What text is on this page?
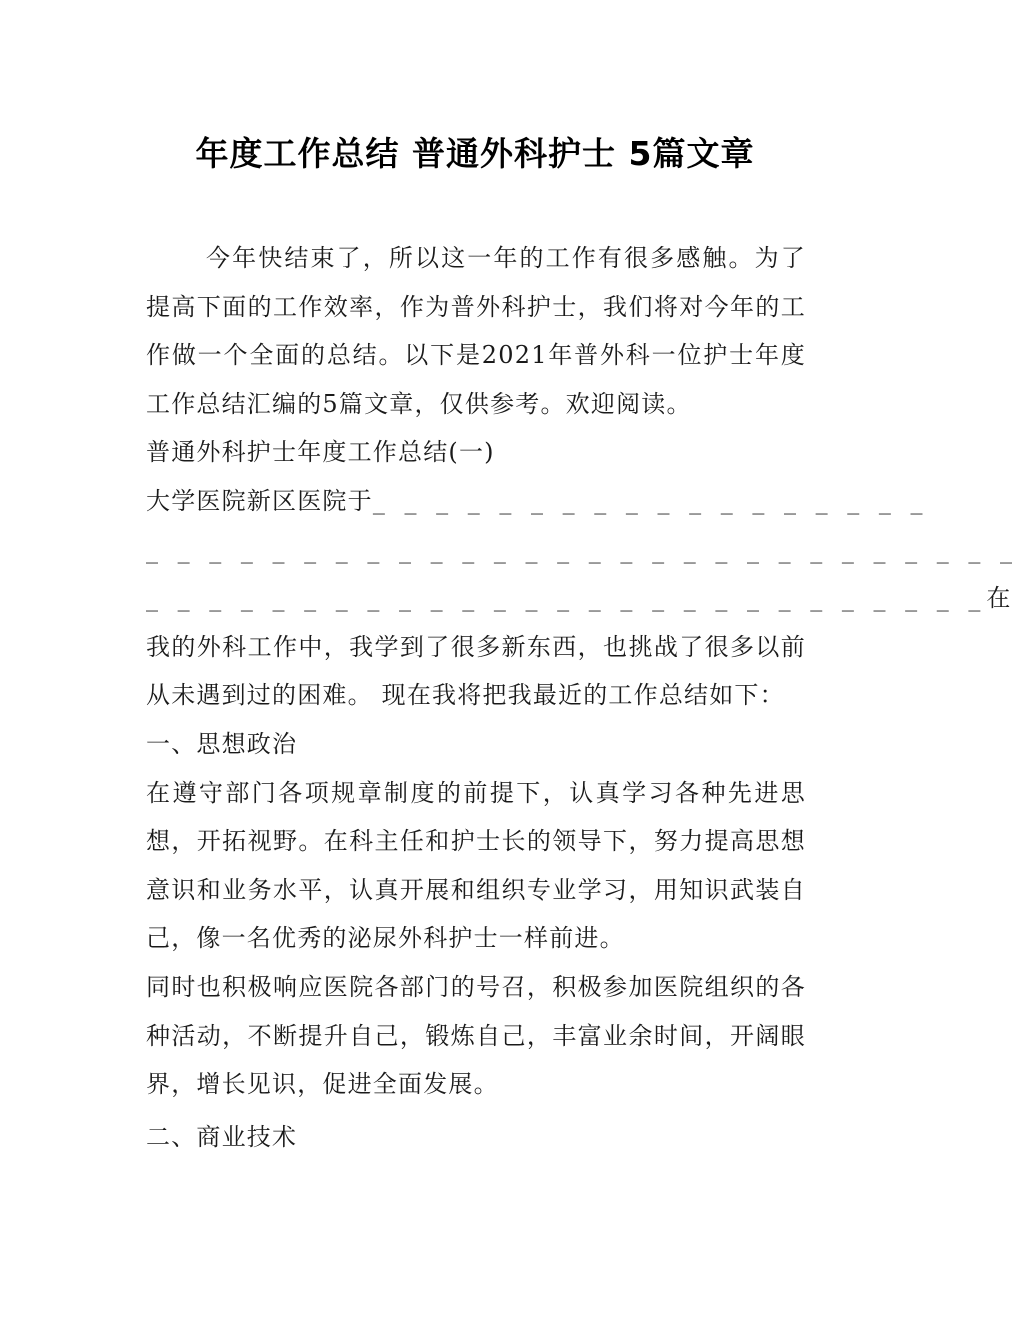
年度工作总结 普通外科护士 5篇文章

今年快结束了，所以这一年的工作有很多感触。为了提高下面的工作效率，作为普外科护士，我们将对今年的工作做一个全面的总结。以下是2021年普外科一位护士年度工作总结汇编的5篇文章，仅供参考。欢迎阅读。

普通外科护士年度工作总结(一)

大学医院新区医院于_ _ _ _ _ _ _ _ _ _ _ _ _ _ _ _ _ _
_ _ _ _ _ _ _ _ _ _ _ _ _ _ _ _ _ _ _ _ _ _ _ _ _ _ _ _
_ _ _ _ _ _ _ _ _ _ _ _ _ _ _ _ _ _ _ _ _ _ _ _ _ _ _在

我的外科工作中，我学到了很多新东西，也挑战了很多以前从未遇到过的困难。 现在我将把我最近的工作总结如下：

一、思想政治

在遵守部门各项规章制度的前提下，认真学习各种先进思想，开拓视野。在科主任和护士长的领导下，努力提高思想意识和业务水平，认真开展和组织专业学习，用知识武装自己，像一名优秀的泌尿外科护士一样前进。

同时也积极响应医院各部门的号召，积极参加医院组织的各种活动，不断提升自己，锻炼自己，丰富业余时间，开阔眼界，增长见识，促进全面发展。

二、商业技术
